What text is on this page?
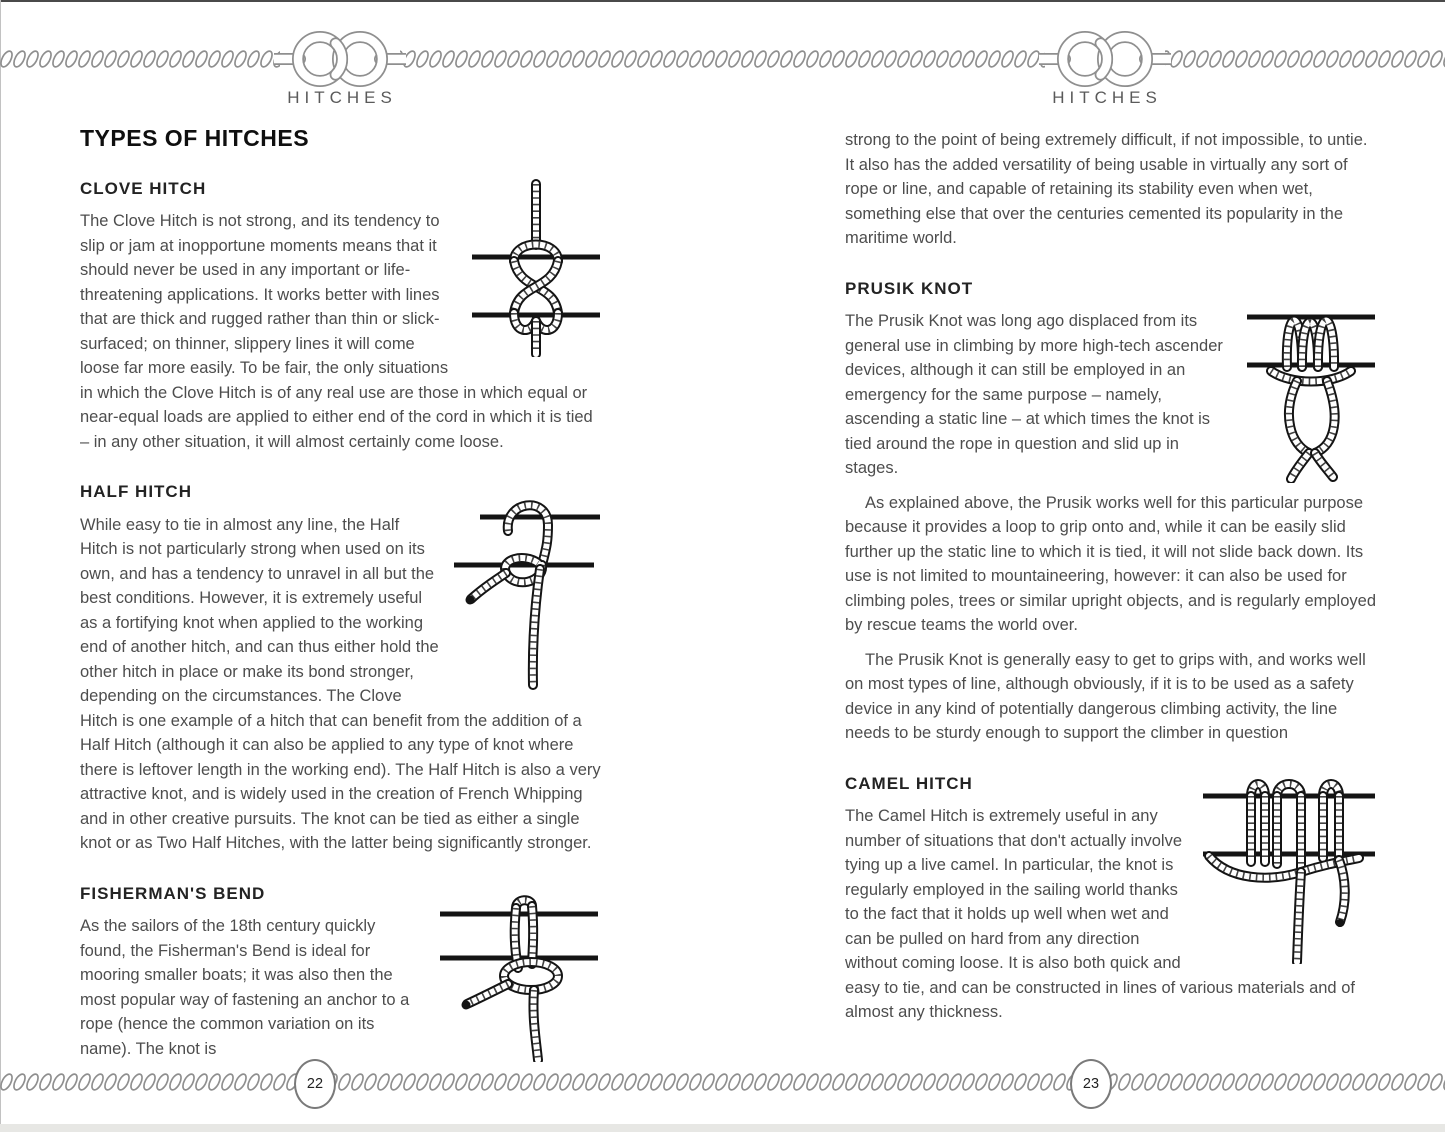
HITCHES	HITCHES
TYPES OF HITCHES
CLOVE HITCH

The Clove Hitch is not strong, and its tendency to slip or jam at inopportune moments means that it should never be used in any important or life-threatening applications. It works better with lines that are thick and rugged rather than thin or slick-surfaced; on thinner, slippery lines it will come loose far more easily. To be fair, the only situations in which the Clove Hitch is of any real use are those in which equal or near-equal loads are applied to either end of the cord in which it is tied – in any other situation, it will almost certainly come loose.

HALF HITCH

While easy to tie in almost any line, the Half Hitch is not particularly strong when used on its own, and has a tendency to unravel in all but the best conditions. However, it is extremely useful as a fortifying knot when applied to the working end of another hitch, and can thus either hold the other hitch in place or make its bond stronger, depending on the circumstances. The Clove Hitch is one example of a hitch that can benefit from the addition of a Half Hitch (although it can also be applied to any type of knot where there is leftover length in the working end). The Half Hitch is also a very attractive knot, and is widely used in the creation of French Whipping and in other creative pursuits. The knot can be tied as either a single knot or as Two Half Hitches, with the latter being significantly stronger.

FISHERMAN'S BEND

As the sailors of the 18th century quickly found, the Fisherman's Bend is ideal for mooring smaller boats; it was also then the most popular way of fastening an anchor to a rope (hence the common variation on its name). The knot is

strong to the point of being extremely difficult, if not impossible, to untie. It also has the added versatility of being usable in virtually any sort of rope or line, and capable of retaining its stability even when wet, something else that over the centuries cemented its popularity in the maritime world.

PRUSIK KNOT

The Prusik Knot was long ago displaced from its general use in climbing by more high-tech ascender devices, although it can still be employed in an emergency for the same purpose – namely, ascending a static line – at which times the knot is tied around the rope in question and slid up in stages.

As explained above, the Prusik works well for this particular purpose because it provides a loop to grip onto and, while it can be easily slid further up the static line to which it is tied, it will not slide back down. Its use is not limited to mountaineering, however: it can also be used for climbing poles, trees or similar upright objects, and is regularly employed by rescue teams the world over.

The Prusik Knot is generally easy to get to grips with, and works well on most types of line, although obviously, if it is to be used as a safety device in any kind of potentially dangerous climbing activity, the line needs to be sturdy enough to support the climber in question

CAMEL HITCH

The Camel Hitch is extremely useful in any number of situations that don't actually involve tying up a live camel. In particular, the knot is regularly employed in the sailing world thanks to the fact that it holds up well when wet and can be pulled on hard from any direction without coming loose. It is also both quick and easy to tie, and can be constructed in lines of various materials and of almost any thickness.

22	23
